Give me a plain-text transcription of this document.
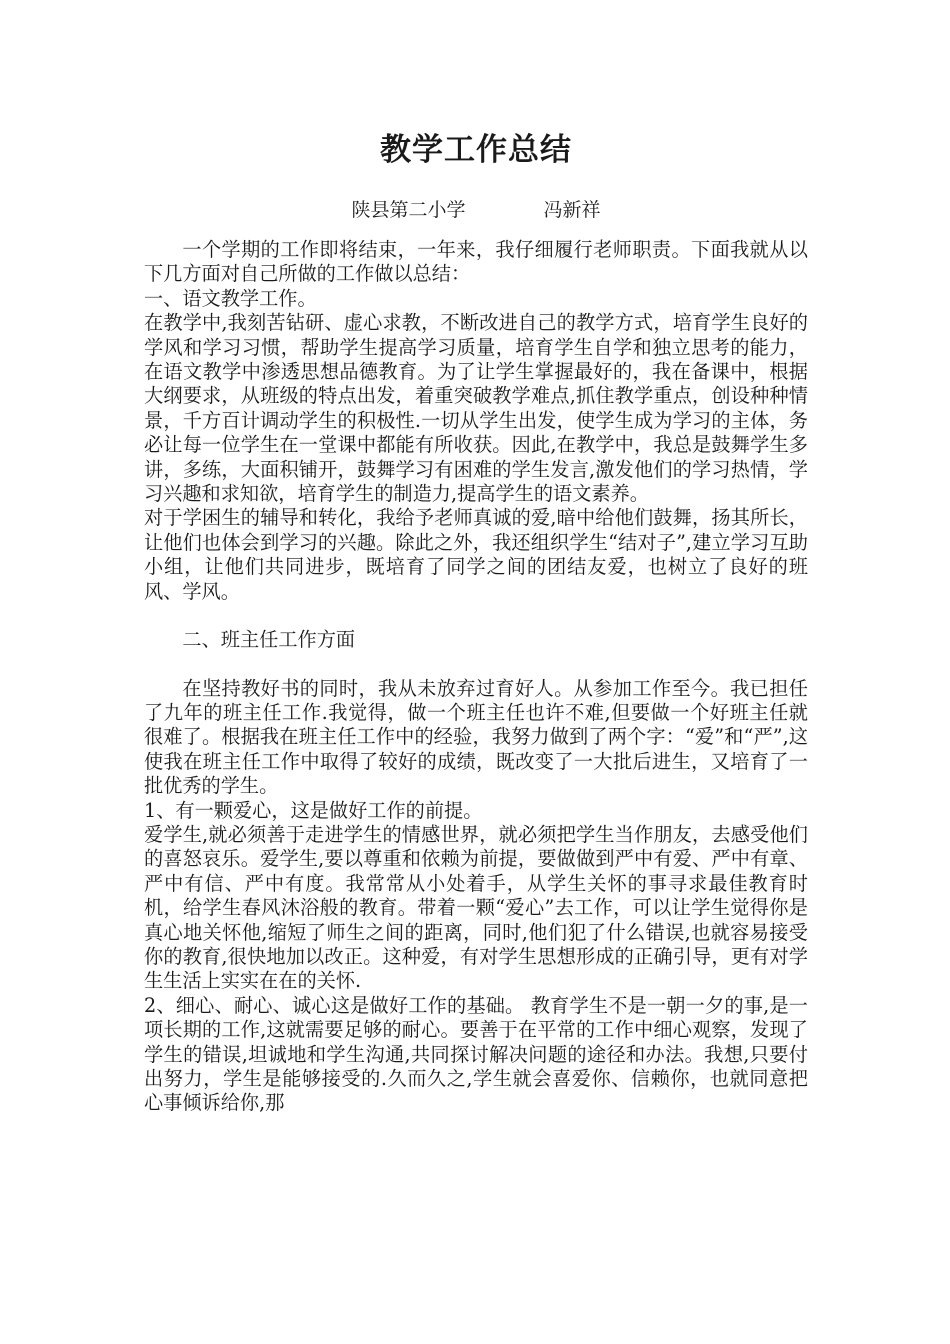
教学工作总结
陕县第二小学	冯新祥

一个学期的工作即将结束，一年来，我仔细履行老师职责。下面我就从以下几方面对自己所做的工作做以总结：

一、语文教学工作。

在教学中,我刻苦钻研、虚心求教，不断改进自己的教学方式，培育学生良好的学风和学习习惯，帮助学生提高学习质量，培育学生自学和独立思考的能力，在语文教学中渗透思想品德教育。为了让学生掌握最好的，我在备课中，根据大纲要求，从班级的特点出发，着重突破教学难点,抓住教学重点，创设种种情景，千方百计调动学生的积极性.一切从学生出发，使学生成为学习的主体，务必让每一位学生在一堂课中都能有所收获。因此,在教学中，我总是鼓舞学生多讲，多练，大面积铺开，鼓舞学习有困难的学生发言,激发他们的学习热情，学习兴趣和求知欲，培育学生的制造力,提高学生的语文素养。

对于学困生的辅导和转化，我给予老师真诚的爱,暗中给他们鼓舞，扬其所长，让他们也体会到学习的兴趣。除此之外，我还组织学生“结对子”,建立学习互助小组，让他们共同进步，既培育了同学之间的团结友爱，也树立了良好的班风、学风。

二、班主任工作方面

在坚持教好书的同时，我从未放弃过育好人。从参加工作至今。我已担任了九年的班主任工作.我觉得，做一个班主任也许不难,但要做一个好班主任就很难了。根据我在班主任工作中的经验，我努力做到了两个字：“爱”和“严”,这使我在班主任工作中取得了较好的成绩，既改变了一大批后进生，又培育了一批优秀的学生。

1、有一颗爱心，这是做好工作的前提。

爱学生,就必须善于走进学生的情感世界，就必须把学生当作朋友，去感受他们的喜怒哀乐。爱学生,要以尊重和依赖为前提，要做做到严中有爱、严中有章、严中有信、严中有度。我常常从小处着手，从学生关怀的事寻求最佳教育时机，给学生春风沐浴般的教育。带着一颗“爱心”去工作，可以让学生觉得你是真心地关怀他,缩短了师生之间的距离，同时,他们犯了什么错误,也就容易接受你的教育,很快地加以改正。这种爱，有对学生思想形成的正确引导，更有对学生生活上实实在在的关怀.

2、细心、耐心、诚心这是做好工作的基础。 教育学生不是一朝一夕的事,是一项长期的工作,这就需要足够的耐心。要善于在平常的工作中细心观察，发现了学生的错误,坦诚地和学生沟通,共同探讨解决问题的途径和办法。我想,只要付出努力，学生是能够接受的.久而久之,学生就会喜爱你、信赖你，也就同意把心事倾诉给你,那
